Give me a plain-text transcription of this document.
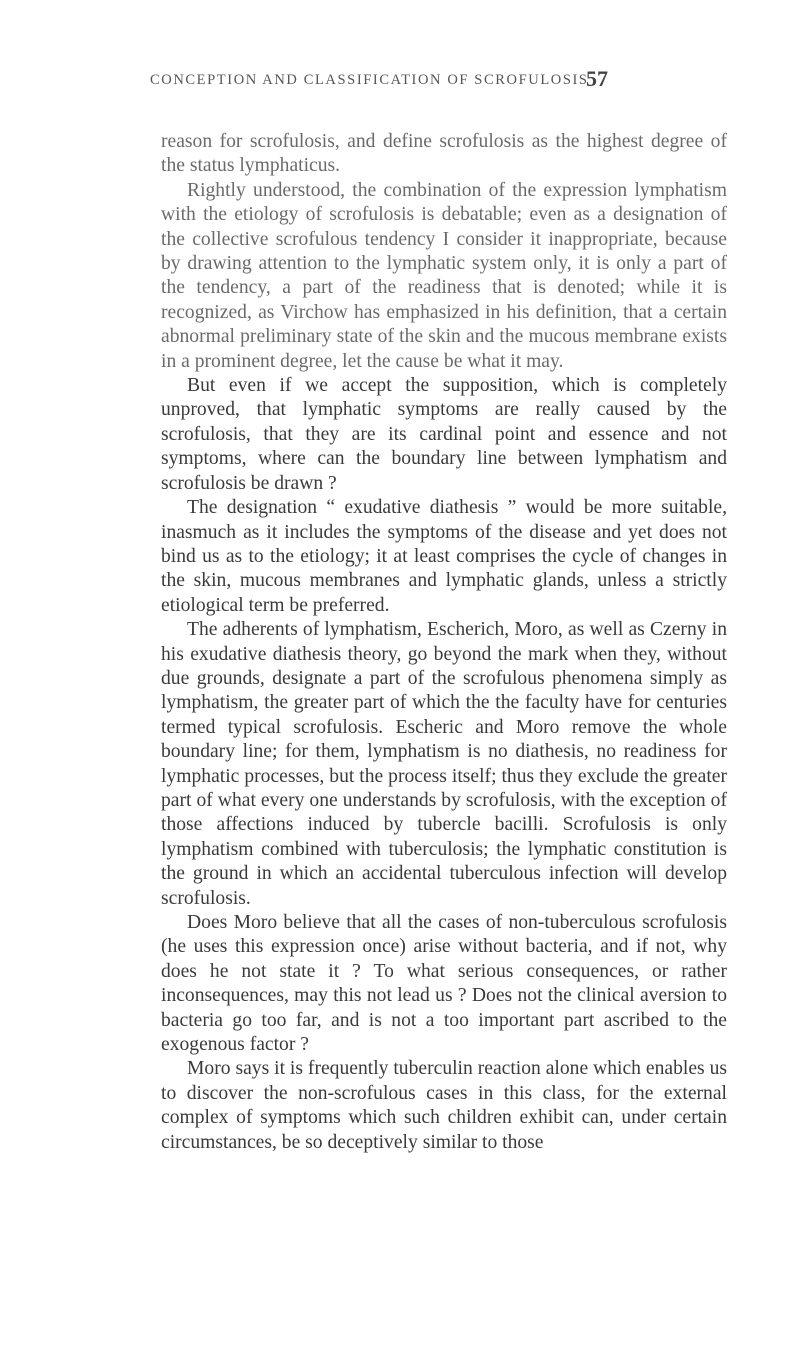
CONCEPTION AND CLASSIFICATION OF SCROFULOSIS
57

reason for scrofulosis, and define scrofulosis as the highest degree of the status lymphaticus.

Rightly understood, the combination of the expression lymphatism with the etiology of scrofulosis is debatable; even as a designation of the collective scrofulous tendency I consider it inappropriate, because by drawing attention to the lymphatic system only, it is only a part of the tendency, a part of the readiness that is denoted; while it is recognized, as Virchow has emphasized in his definition, that a certain abnormal preliminary state of the skin and the mucous membrane exists in a prominent degree, let the cause be what it may.

But even if we accept the supposition, which is completely unproved, that lymphatic symptoms are really caused by the scrofulosis, that they are its cardinal point and essence and not symptoms, where can the boundary line between lymphatism and scrofulosis be drawn ?

The designation “ exudative diathesis ” would be more suitable, inasmuch as it includes the symptoms of the disease and yet does not bind us as to the etiology; it at least comprises the cycle of changes in the skin, mucous membranes and lymphatic glands, unless a strictly etiological term be preferred.

The adherents of lymphatism, Escherich, Moro, as well as Czerny in his exudative diathesis theory, go beyond the mark when they, without due grounds, designate a part of the scrofulous phenomena simply as lymphatism, the greater part of which the the faculty have for centuries termed typical scrofulosis. Escheric and Moro remove the whole boundary line; for them, lymphatism is no diathesis, no readiness for lymphatic processes, but the process itself; thus they exclude the greater part of what every one understands by scrofulosis, with the exception of those affections induced by tubercle bacilli. Scrofulosis is only lymphatism combined with tuberculosis; the lymphatic constitution is the ground in which an accidental tuberculous infection will develop scrofulosis.

Does Moro believe that all the cases of non-tuberculous scrofulosis (he uses this expression once) arise without bacteria, and if not, why does he not state it ? To what serious consequences, or rather inconsequences, may this not lead us ? Does not the clinical aversion to bacteria go too far, and is not a too important part ascribed to the exogenous factor ?

Moro says it is frequently tuberculin reaction alone which enables us to discover the non-scrofulous cases in this class, for the external complex of symptoms which such children exhibit can, under certain circumstances, be so deceptively similar to those
